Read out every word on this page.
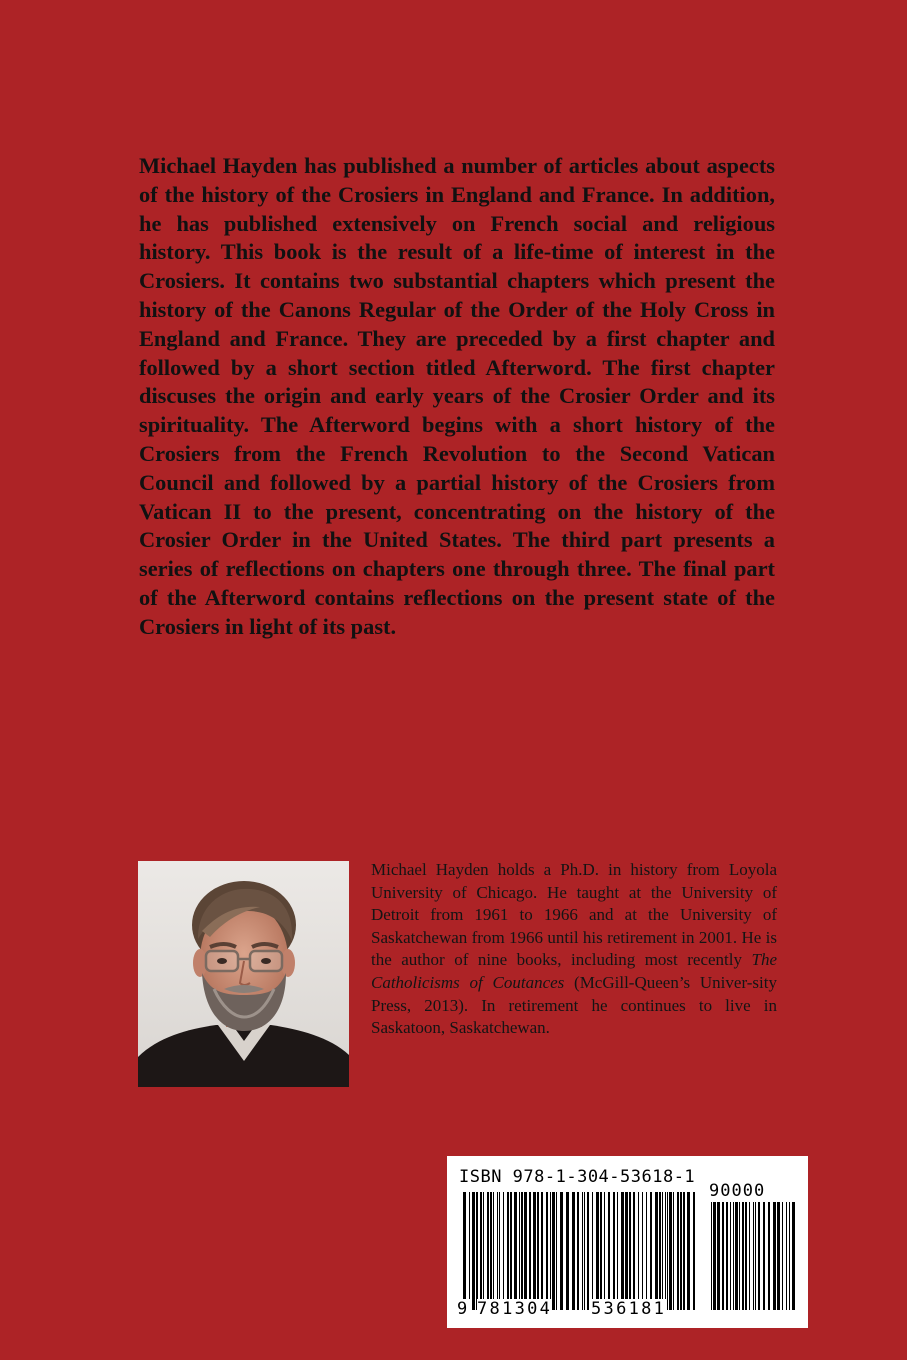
Michael Hayden has published a number of articles about aspects of the history of the Crosiers in England and France. In addition, he has published extensively on French social and religious history. This book is the result of a life-time of interest in the Crosiers. It contains two substantial chapters which present the history of the Canons Regular of the Order of the Holy Cross in England and France. They are preceded by a first chapter and followed by a short section titled Afterword. The first chapter discuses the origin and early years of the Crosier Order and its spirituality. The Afterword begins with a short history of the Crosiers from the French Revolution to the Second Vatican Council and followed by a partial history of the Crosiers from Vatican II to the present, concentrating on the history of the Crosier Order in the United States. The third part presents a series of reflections on chapters one through three. The final part of the Afterword contains reflections on the present state of the Crosiers in light of its past.

Michael Hayden holds a Ph.D. in history from Loyola University of Chicago. He taught at the University of Detroit from 1961 to 1966 and at the University of Saskatchewan from 1966 until his retirement in 2001. He is the author of nine books, including most recently The Catholicisms of Coutances (McGill-Queen’s Univer-sity Press, 2013). In retirement he continues to live in Saskatoon, Saskatchewan.

ISBN 978-1-304-53618-1
90000
9 781304 536181
